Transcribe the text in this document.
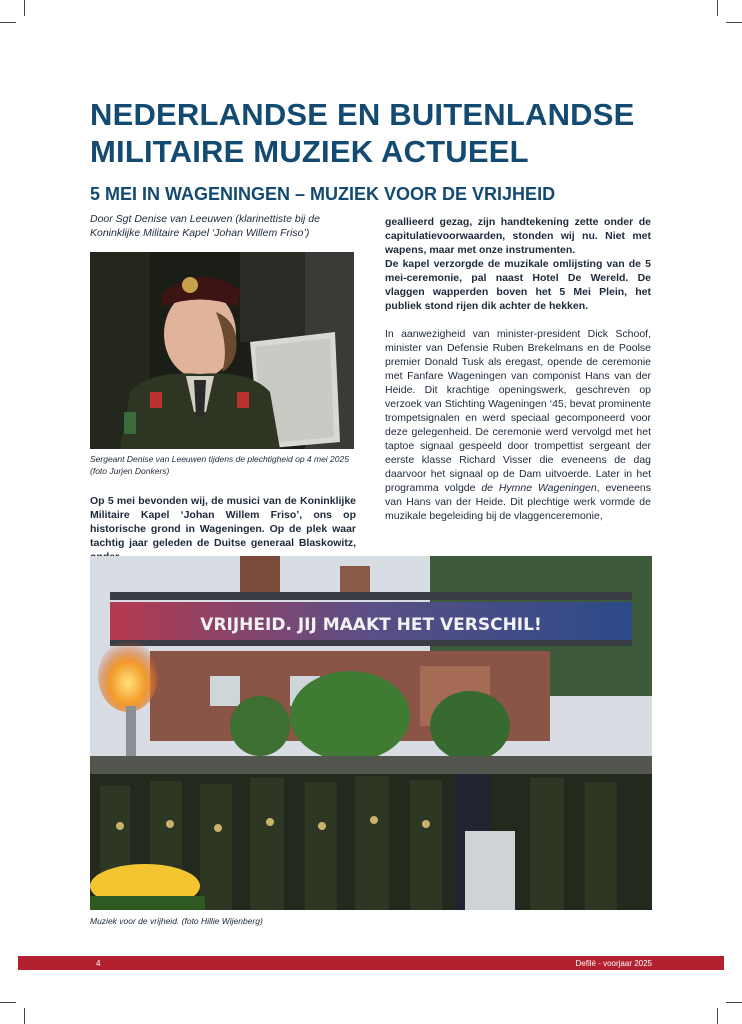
NEDERLANDSE EN BUITENLANDSE
MILITAIRE MUZIEK ACTUEEL
5 MEI IN WAGENINGEN – MUZIEK VOOR DE VRIJHEID
Door Sgt Denise van Leeuwen (klarinettiste bij de Koninklijke Militaire Kapel ‘Johan Willem Friso’)
Sergeant Denise van Leeuwen tijdens de plechtigheid op 4 mei 2025 (foto Jurjen Donkers)
Op 5 mei bevonden wij, de musici van de Koninklijke Militaire Kapel ‘Johan Willem Friso’, ons op historische grond in Wageningen. Op de plek waar tachtig jaar geleden de Duitse generaal Blaskowitz,

geallieerd gezag, zijn handtekening zette onder de capitulatievoorwaarden, stonden wij nu. Niet met wapens, maar met onze instrumenten.

De kapel verzorgde de muzikale omlijsting van de 5 mei-ceremonie, pal naast Hotel De Wereld. De vlaggen wapperden boven het 5 Mei Plein, het publiek stond rijen dik achter de hekken.

In aanwezigheid van minister-president Dick Schoof, minister van Defensie Ruben Brekelmans en de Poolse premier Donald Tusk als eregast, opende de ceremonie met Fanfare Wageningen van componist Hans van der Heide. Dit krachtige openingswerk, geschreven op verzoek van Stichting Wageningen ‘45, bevat prominente trompetsignalen en werd speciaal gecomponeerd voor deze gelegenheid. De ceremonie werd vervolgd met het taptoe signaal gespeeld door trompettist sergeant der eerste klasse Richard Visser die eveneens de dag daarvoor het signaal op de Dam uitvoerde. Later in het programma volgde de Hymne Wageningen, eveneens van Hans van der Heide. Dit plechtige werk vormde de muzikale begeleiding bij de vlaggenceremonie,
VRIJHEID. JIJ MAAKT HET VERSCHIL!
Muziek voor de vrijheid. (foto Hillie Wijenberg)
4	Defilé - voorjaar 2025
